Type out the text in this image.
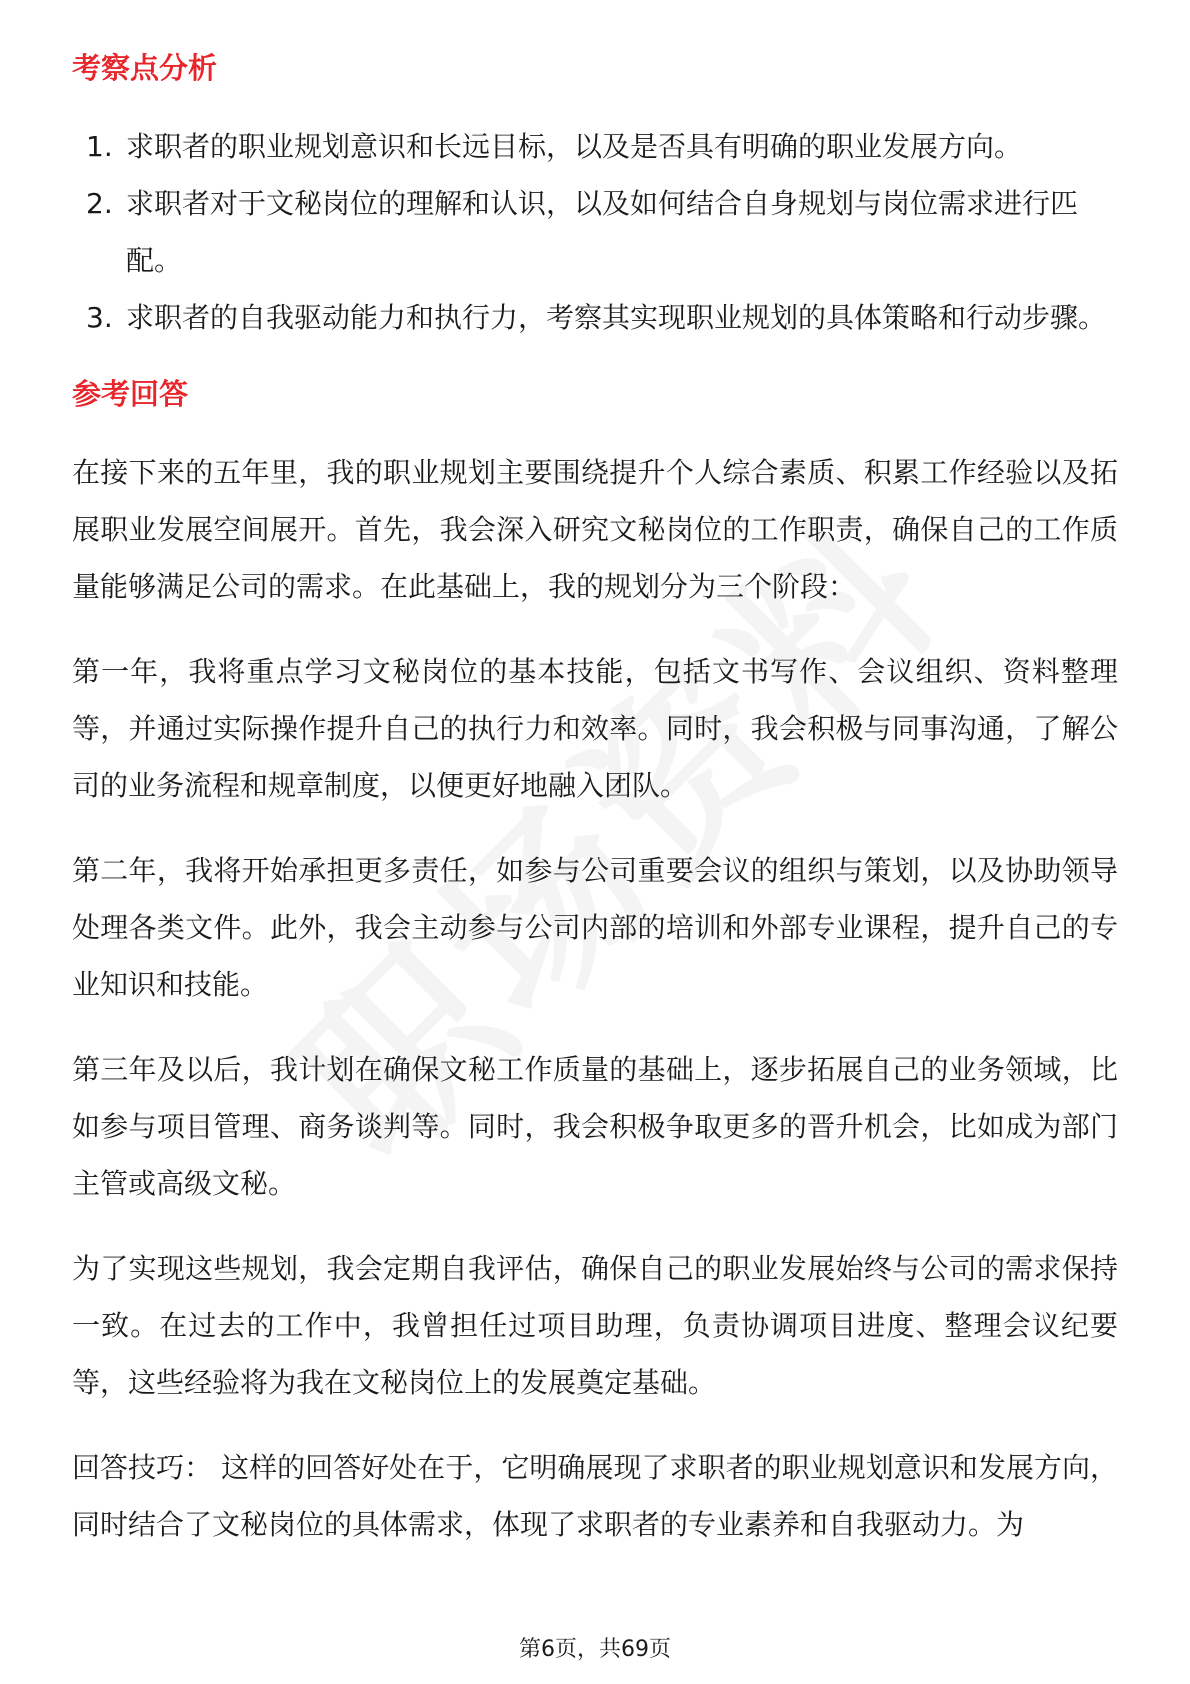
考察点分析
1. 求职者的职业规划意识和长远目标，以及是否具有明确的职业发展方向。
2. 求职者对于文秘岗位的理解和认识，以及如何结合自身规划与岗位需求进行匹配。
3. 求职者的自我驱动能力和执行力，考察其实现职业规划的具体策略和行动步骤。
参考回答

在接下来的五年里，我的职业规划主要围绕提升个人综合素质、积累工作经验以及拓展职业发展空间展开。首先，我会深入研究文秘岗位的工作职责，确保自己的工作质量能够满足公司的需求。在此基础上，我的规划分为三个阶段：

第一年，我将重点学习文秘岗位的基本技能，包括文书写作、会议组织、资料整理等，并通过实际操作提升自己的执行力和效率。同时，我会积极与同事沟通，了解公司的业务流程和规章制度，以便更好地融入团队。

第二年，我将开始承担更多责任，如参与公司重要会议的组织与策划，以及协助领导处理各类文件。此外，我会主动参与公司内部的培训和外部专业课程，提升自己的专业知识和技能。

第三年及以后，我计划在确保文秘工作质量的基础上，逐步拓展自己的业务领域，比如参与项目管理、商务谈判等。同时，我会积极争取更多的晋升机会，比如成为部门主管或高级文秘。

为了实现这些规划，我会定期自我评估，确保自己的职业发展始终与公司的需求保持一致。在过去的工作中，我曾担任过项目助理，负责协调项目进度、整理会议纪要等，这些经验将为我在文秘岗位上的发展奠定基础。

回答技巧： 这样的回答好处在于，它明确展现了求职者的职业规划意识和发展方向，同时结合了文秘岗位的具体需求，体现了求职者的专业素养和自我驱动力。为

第6页，共69页
